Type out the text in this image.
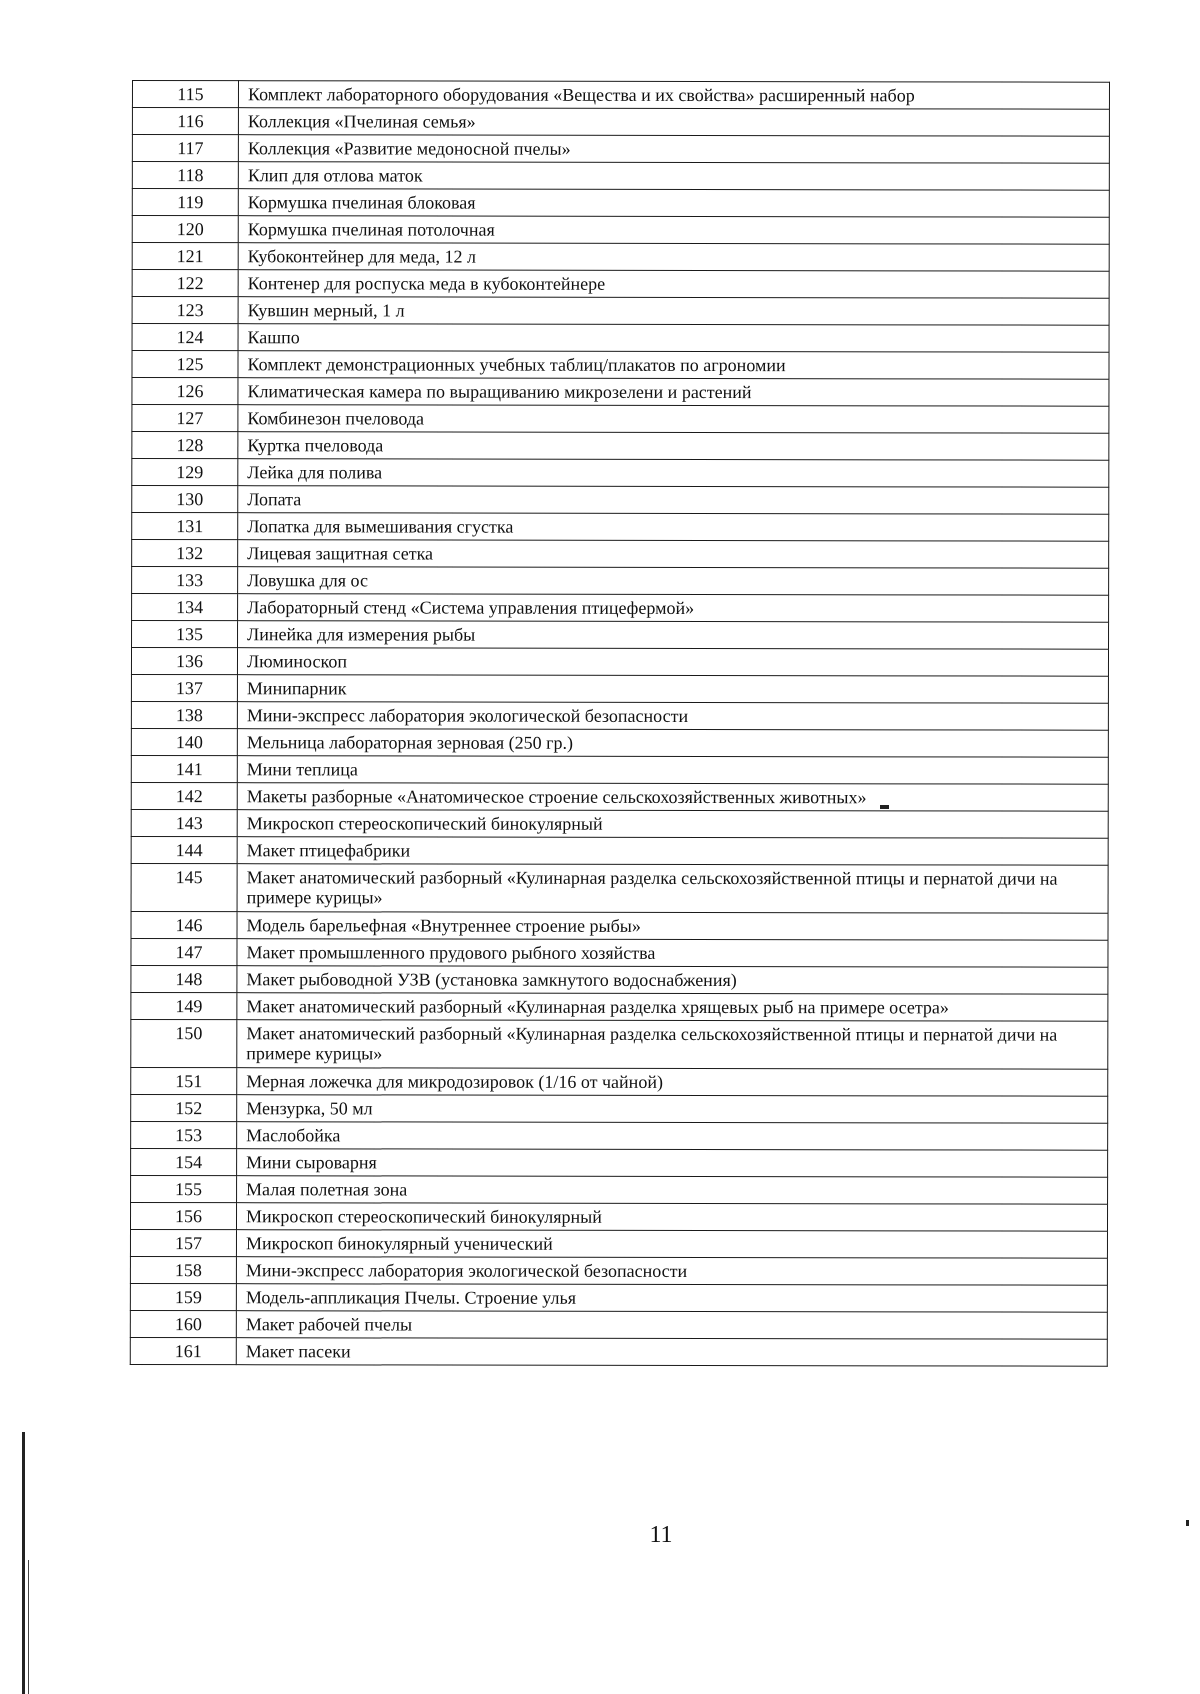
115	Комплект лабораторного оборудования «Вещества и их свойства» расширенный набор
116	Коллекция «Пчелиная семья»
117	Коллекция «Развитие медоносной пчелы»
118	Клип для отлова маток
119	Кормушка пчелиная блоковая
120	Кормушка пчелиная потолочная
121	Кубоконтейнер для меда, 12 л
122	Контенер для роспуска меда в кубоконтейнере
123	Кувшин мерный, 1 л
124	Кашпо
125	Комплект демонстрационных учебных таблиц/плакатов по агрономии
126	Климатическая камера по выращиванию микрозелени и растений
127	Комбинезон пчеловода
128	Куртка пчеловода
129	Лейка для полива
130	Лопата
131	Лопатка для вымешивания сгустка
132	Лицевая защитная сетка
133	Ловушка для ос
134	Лабораторный стенд «Система управления птицефермой»
135	Линейка для измерения рыбы
136	Люминоскоп
137	Минипарник
138	Мини-экспресс лаборатория экологической безопасности
140	Мельница лабораторная зерновая (250 гр.)
141	Мини теплица
142	Макеты разборные «Анатомическое строение сельскохозяйственных животных»
143	Микроскоп стереоскопический бинокулярный
144	Макет птицефабрики
145	Макет анатомический разборный «Кулинарная разделка сельскохозяйственной птицы и пернатой дичи на примере курицы»
146	Модель барельефная «Внутреннее строение рыбы»
147	Макет промышленного прудового рыбного хозяйства
148	Макет рыбоводной УЗВ (установка замкнутого водоснабжения)
149	Макет анатомический разборный «Кулинарная разделка хрящевых рыб на примере осетра»
150	Макет анатомический разборный «Кулинарная разделка сельскохозяйственной птицы и пернатой дичи на примере курицы»
151	Мерная ложечка для микродозировок (1/16 от чайной)
152	Мензурка, 50 мл
153	Маслобойка
154	Мини сыроварня
155	Малая полетная зона
156	Микроскоп стереоскопический бинокулярный
157	Микроскоп бинокулярный ученический
158	Мини-экспресс лаборатория экологической безопасности
159	Модель-аппликация Пчелы. Строение улья
160	Макет рабочей пчелы
161	Макет пасеки
11
